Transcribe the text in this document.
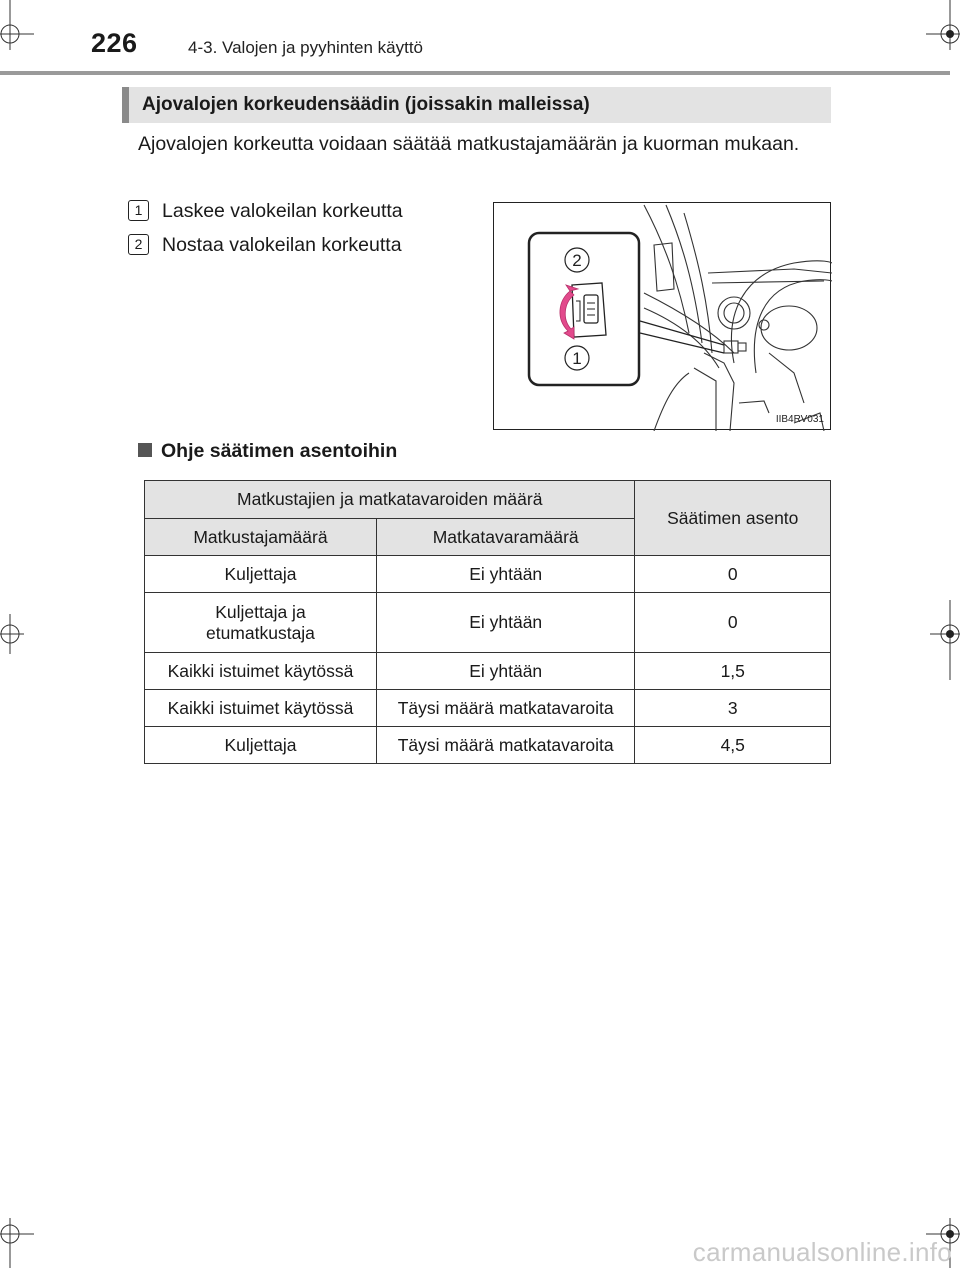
226	4-3. Valojen ja pyyhinten käyttö
Ajovalojen korkeudensäädin (joissakin malleissa)

Ajovalojen korkeutta voidaan säätää matkustajamäärän ja kuorman mukaan.

1 Laskee valokeilan korkeutta
2 Nostaa valokeilan korkeutta
2
1
IIB4RV031
Ohje säätimen asentoihin
Matkustajien ja matkatavaroiden määrä		Säätimen asento
Matkustajamäärä	Matkatavaramäärä	
Kuljettaja	Ei yhtään	0
Kuljettaja ja etumatkustaja	Ei yhtään	0
Kaikki istuimet käytössä	Ei yhtään	1,5
Kaikki istuimet käytössä	Täysi määrä matkatavaroita	3
Kuljettaja	Täysi määrä matkatavaroita	4,5
carmanualsonline.info
